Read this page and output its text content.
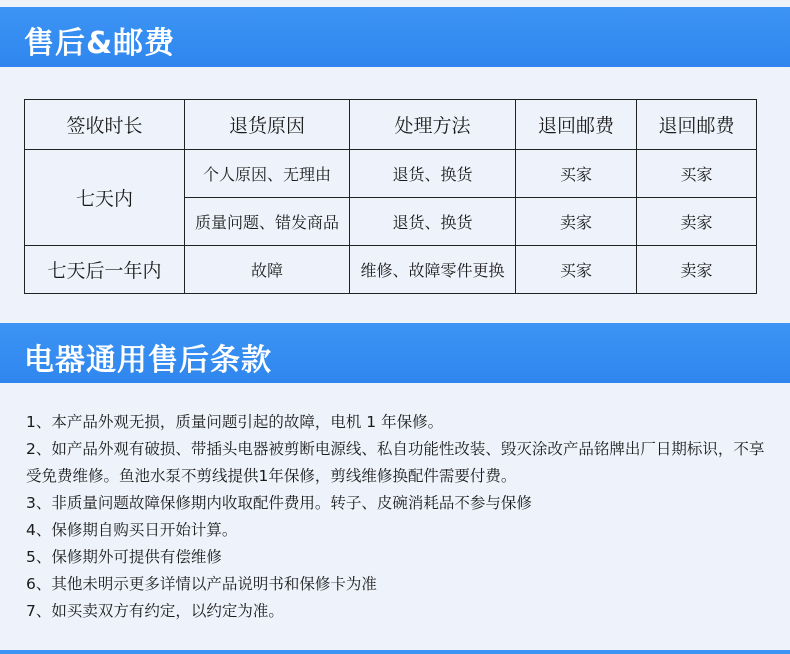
售后&邮费
签收时长	退货原因	处理方法	退回邮费	退回邮费
七天内	个人原因、无理由	退货、换货	买家	买家
	质量问题、错发商品	退货、换货	卖家	卖家
七天后一年内	故障	维修、故障零件更换	买家	卖家
电器通用售后条款

1、本产品外观无损，质量问题引起的故障，电机 1 年保修。

2、如产品外观有破损、带插头电器被剪断电源线、私自功能性改装、毁灭涂改产品铭牌出厂日期标识，不享受免费维修。鱼池水泵不剪线提供1年保修，剪线维修换配件需要付费。

3、非质量问题故障保修期内收取配件费用。转子、皮碗消耗品不参与保修

4、保修期自购买日开始计算。

5、保修期外可提供有偿维修

6、其他未明示更多详情以产品说明书和保修卡为准

7、如买卖双方有约定，以约定为准。
